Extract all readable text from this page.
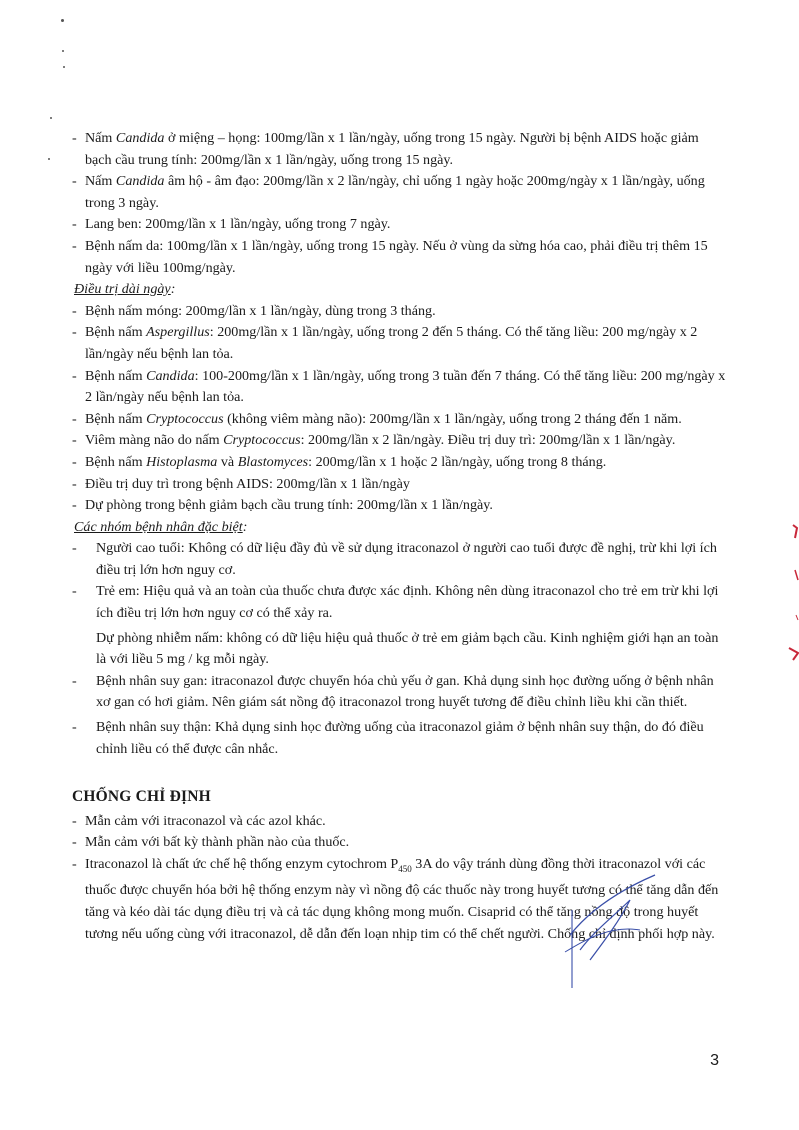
- Nấm Candida ở miệng – họng: 100mg/lần x 1 lần/ngày, uống trong 15 ngày. Người bị bệnh AIDS hoặc giảm bạch cầu trung tính: 200mg/lần x 1 lần/ngày, uống trong 15 ngày.
- Nấm Candida âm hộ - âm đạo: 200mg/lần x 2 lần/ngày, chỉ uống 1 ngày hoặc 200mg/ngày x 1 lần/ngày, uống trong 3 ngày.
- Lang ben: 200mg/lần x 1 lần/ngày, uống trong 7 ngày.
- Bệnh nấm da: 100mg/lần x 1 lần/ngày, uống trong 15 ngày. Nếu ở vùng da sừng hóa cao, phải điều trị thêm 15 ngày với liều 100mg/ngày.
Điều trị dài ngày:
- Bệnh nấm móng: 200mg/lần x 1 lần/ngày, dùng trong 3 tháng.
- Bệnh nấm Aspergillus: 200mg/lần x 1 lần/ngày, uống trong 2 đến 5 tháng. Có thể tăng liều: 200 mg/ngày x 2 lần/ngày nếu bệnh lan tỏa.
- Bệnh nấm Candida: 100-200mg/lần x 1 lần/ngày, uống trong 3 tuần đến 7 tháng. Có thể tăng liều: 200 mg/ngày x 2 lần/ngày nếu bệnh lan tỏa.
- Bệnh nấm Cryptococcus (không viêm màng não): 200mg/lần x 1 lần/ngày, uống trong 2 tháng đến 1 năm.
- Viêm màng não do nấm Cryptococcus: 200mg/lần x 2 lần/ngày. Điều trị duy trì: 200mg/lần x 1 lần/ngày.
- Bệnh nấm Histoplasma và Blastomyces: 200mg/lần x 1 hoặc 2 lần/ngày, uống trong 8 tháng.
- Điều trị duy trì trong bệnh AIDS: 200mg/lần x 1 lần/ngày
- Dự phòng trong bệnh giảm bạch cầu trung tính: 200mg/lần x 1 lần/ngày.
Các nhóm bệnh nhân đặc biệt:
- Người cao tuổi: Không có dữ liệu đầy đủ về sử dụng itraconazol ở người cao tuổi được đề nghị, trừ khi lợi ích điều trị lớn hơn nguy cơ.
- Trẻ em: Hiệu quả và an toàn của thuốc chưa được xác định. Không nên dùng itraconazol cho trẻ em trừ khi lợi ích điều trị lớn hơn nguy cơ có thể xảy ra.
Dự phòng nhiễm nấm: không có dữ liệu hiệu quả thuốc ở trẻ em giảm bạch cầu. Kinh nghiệm giới hạn an toàn là với liều 5 mg / kg mỗi ngày.
- Bệnh nhân suy gan: itraconazol được chuyển hóa chủ yếu ở gan. Khả dụng sinh học đường uống ở bệnh nhân xơ gan có hơi giảm. Nên giám sát nồng độ itraconazol trong huyết tương để điều chỉnh liều khi cần thiết.
- Bệnh nhân suy thận: Khả dụng sinh học đường uống của itraconazol giảm ở bệnh nhân suy thận, do đó điều chỉnh liều có thể được cân nhắc.
CHỐNG CHỈ ĐỊNH
- Mẫn cảm với itraconazol và các azol khác.
- Mẫn cảm với bất kỳ thành phần nào của thuốc.
- Itraconazol là chất ức chế hệ thống enzym cytochrom $P_{450}$ 3A do vậy tránh dùng đồng thời itraconazol với các thuốc được chuyển hóa bởi hệ thống enzym này vì nồng độ các thuốc này trong huyết tương có thể tăng dẫn đến tăng và kéo dài tác dụng điều trị và cả tác dụng không mong muốn. Cisaprid có thể tăng nồng độ trong huyết tương nếu uống cùng với itraconazol, dễ dẫn đến loạn nhịp tim có thể chết người. Chống chỉ định phối hợp này.
3
